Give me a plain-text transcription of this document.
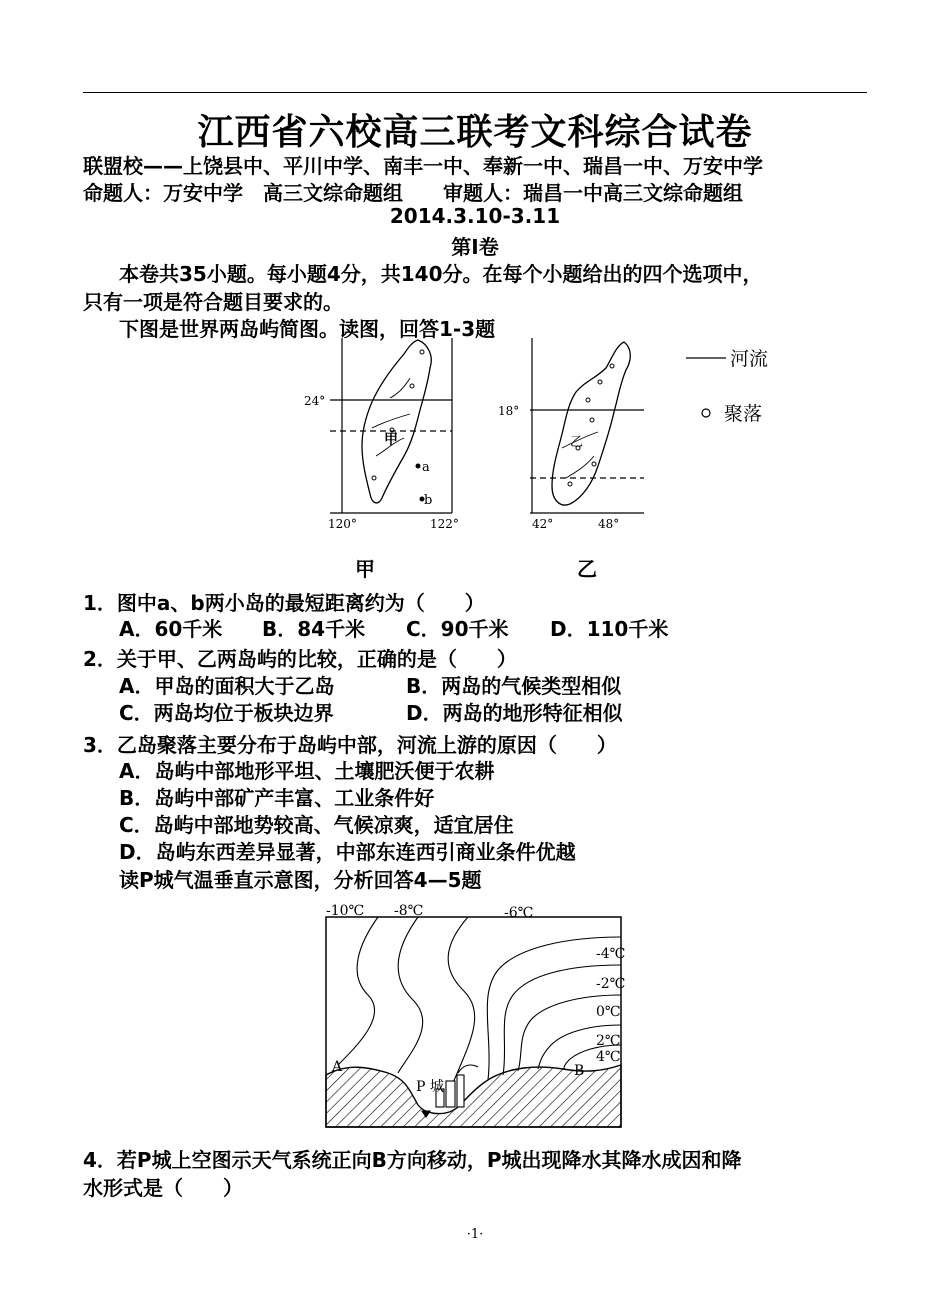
江西省六校高三联考文科综合试卷
联盟校——上饶县中、平川中学、南丰一中、奉新一中、瑞昌一中、万安中学
命题人：万安中学　高三文综命题组　　审题人：瑞昌一中高三文综命题组
2014.3.10-3.11
第Ⅰ卷
本卷共35小题。每小题4分，共140分。在每个小题给出的四个选项中，
只有一项是符合题目要求的。
下图是世界两岛屿简图。读图，回答1-3题
24°
120°	122°
甲
a
b
18°
42°	48°
乙
河流
聚落
甲	乙
1．图中a、b两小岛的最短距离约为（　　）
A．60千米 B．84千米 C．90千米 D．110千米
2．关于甲、乙两岛屿的比较，正确的是（　　）
A．甲岛的面积大于乙岛	B．两岛的气候类型相似
C．两岛均位于板块边界	D．两岛的地形特征相似
3．乙岛聚落主要分布于岛屿中部，河流上游的原因（　　）
A．岛屿中部地形平坦、土壤肥沃便于农耕
B．岛屿中部矿产丰富、工业条件好
C．岛屿中部地势较高、气候凉爽，适宜居住
D．岛屿东西差异显著，中部东连西引商业条件优越
读P城气温垂直示意图，分析回答4—5题
-10℃ -8℃	-6℃
-4℃
-2℃
0℃
2℃
4℃
A	B
P 城
4．若P城上空图示天气系统正向B方向移动，P城出现降水其降水成因和降
水形式是（　　）
·1·
